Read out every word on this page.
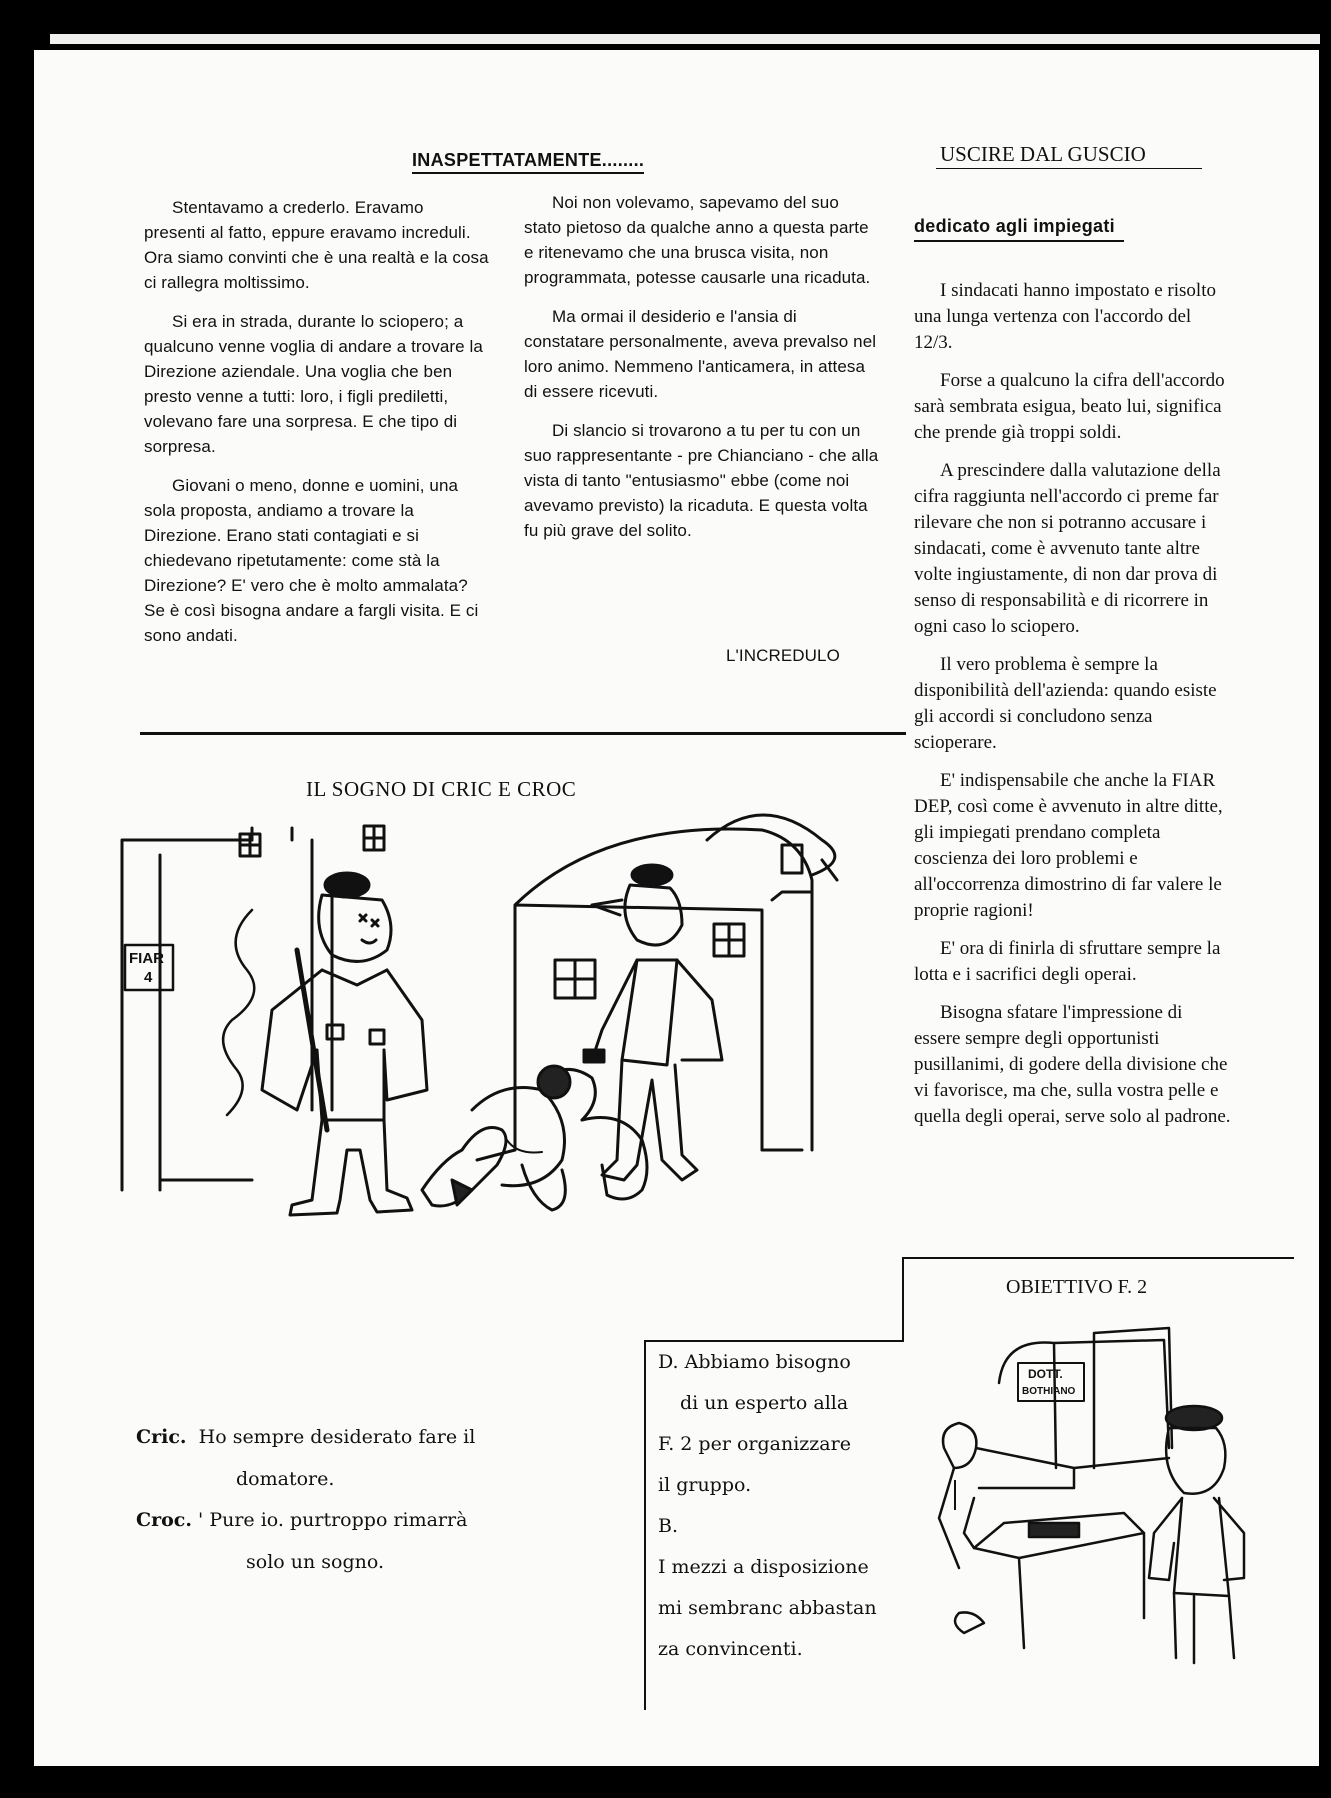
INASPETTATAMENTE........

Stentavamo a crederlo. Eravamo presenti al fatto, eppure eravamo increduli. Ora siamo convinti che è una realtà e la cosa ci rallegra moltissimo.

Si era in strada, durante lo sciopero; a qualcuno venne voglia di andare a trovare la Direzione aziendale. Una voglia che ben presto venne a tutti: loro, i figli prediletti, volevano fare una sorpresa. E che tipo di sorpresa.

Giovani o meno, donne e uomini, una sola proposta, andiamo a trovare la Direzione. Erano stati contagiati e si chiedevano ripetutamente: come stà la Direzione? E' vero che è molto ammalata? Se è così bisogna andare a fargli visita. E ci sono andati.

Noi non volevamo, sapevamo del suo stato pietoso da qualche anno a questa parte e ritenevamo che una brusca visita, non programmata, potesse causarle una ricaduta.

Ma ormai il desiderio e l'ansia di constatare personalmente, aveva prevalso nel loro animo. Nemmeno l'anticamera, in attesa di essere ricevuti.

Di slancio si trovarono a tu per tu con un suo rappresentante - pre Chianciano - che alla vista di tanto "entusiasmo" ebbe (come noi avevamo previsto) la ricaduta. E questa volta fu più grave del solito.

L'INCREDULO
USCIRE DAL GUSCIO
dedicato agli impiegati

I sindacati hanno impostato e risolto una lunga vertenza con l'accordo del 12/3.

Forse a qualcuno la cifra dell'accordo sarà sembrata esigua, beato lui, significa che prende già troppi soldi.

A prescindere dalla valutazione della cifra raggiunta nell'accordo ci preme far rilevare che non si potranno accusare i sindacati, come è avvenuto tante altre volte ingiustamente, di non dar prova di senso di responsabilità e di ricorrere in ogni caso lo sciopero.

Il vero problema è sempre la disponibilità dell'azienda: quando esiste gli accordi si concludono senza scioperare.

E' indispensabile che anche la FIAR DEP, così come è avvenuto in altre ditte, gli impiegati prendano completa coscienza dei loro problemi e all'occorrenza dimostrino di far valere le proprie ragioni!

E' ora di finirla di sfruttare sempre la lotta e i sacrifici degli operai.

Bisogna sfatare l'impressione di essere sempre degli opportunisti pusillanimi, di godere della divisione che vi favorisce, ma che, sulla vostra pelle e quella degli operai, serve solo al padrone.

IL SOGNO DI CRIC E CROC
FIAR
4
Cric. Ho sempre desiderato fare il
domatore.
Croc. ' Pure io. purtroppo rimarrà
solo un sogno.
OBIETTIVO F. 2
D. Abbiamo bisogno
di un esperto alla
F. 2 per organizzare
il gruppo.
B.
I mezzi a disposizione
mi sembranc abbastan
za convincenti.
DOTT.
BOTHIANO
